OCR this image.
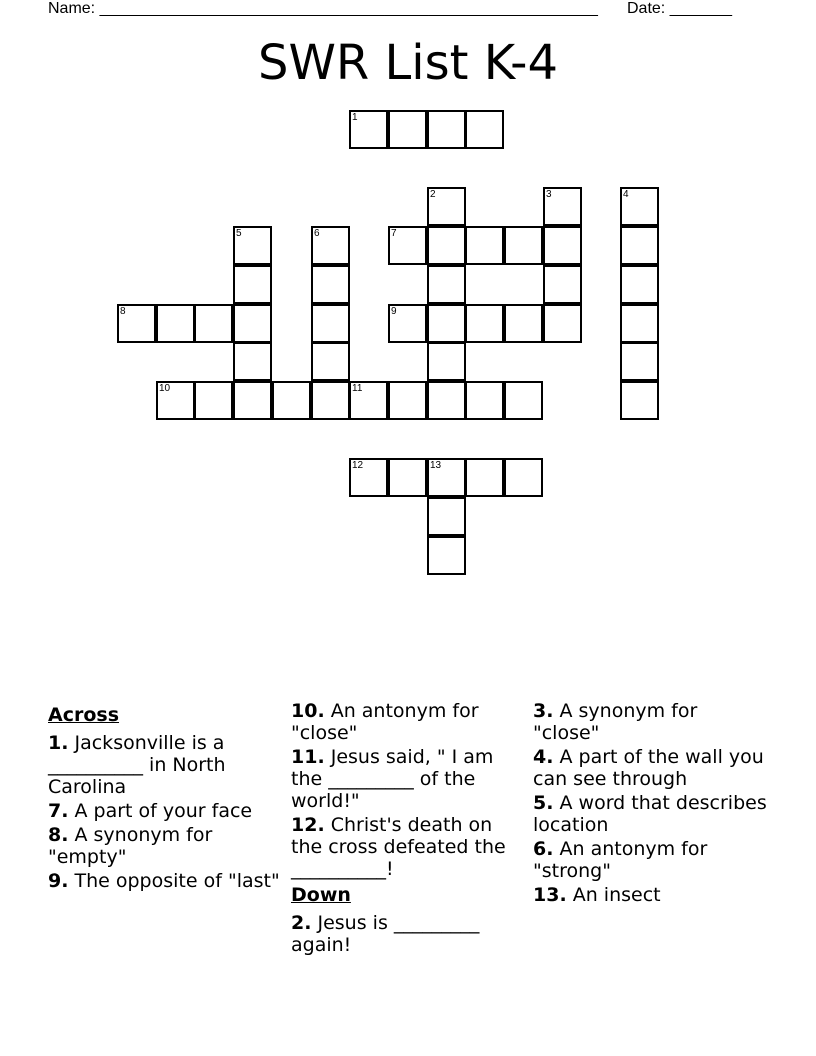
Name: ________________________________________________________ Date: _______
SWR List K-4
1
2	3	4
5	6	7
8	9
10	11
12	13
Across
1. Jacksonville is a __________ in North Carolina
7. A part of your face
8. A synonym for "empty"
9. The opposite of "last"
10. An antonym for "close"
11. Jesus said, " I am the _________ of the world!"
12. Christ's death on the cross defeated the __________!
Down
2. Jesus is _________ again!
3. A synonym for "close"
4. A part of the wall you can see through
5. A word that describes location
6. An antonym for "strong"
13. An insect
